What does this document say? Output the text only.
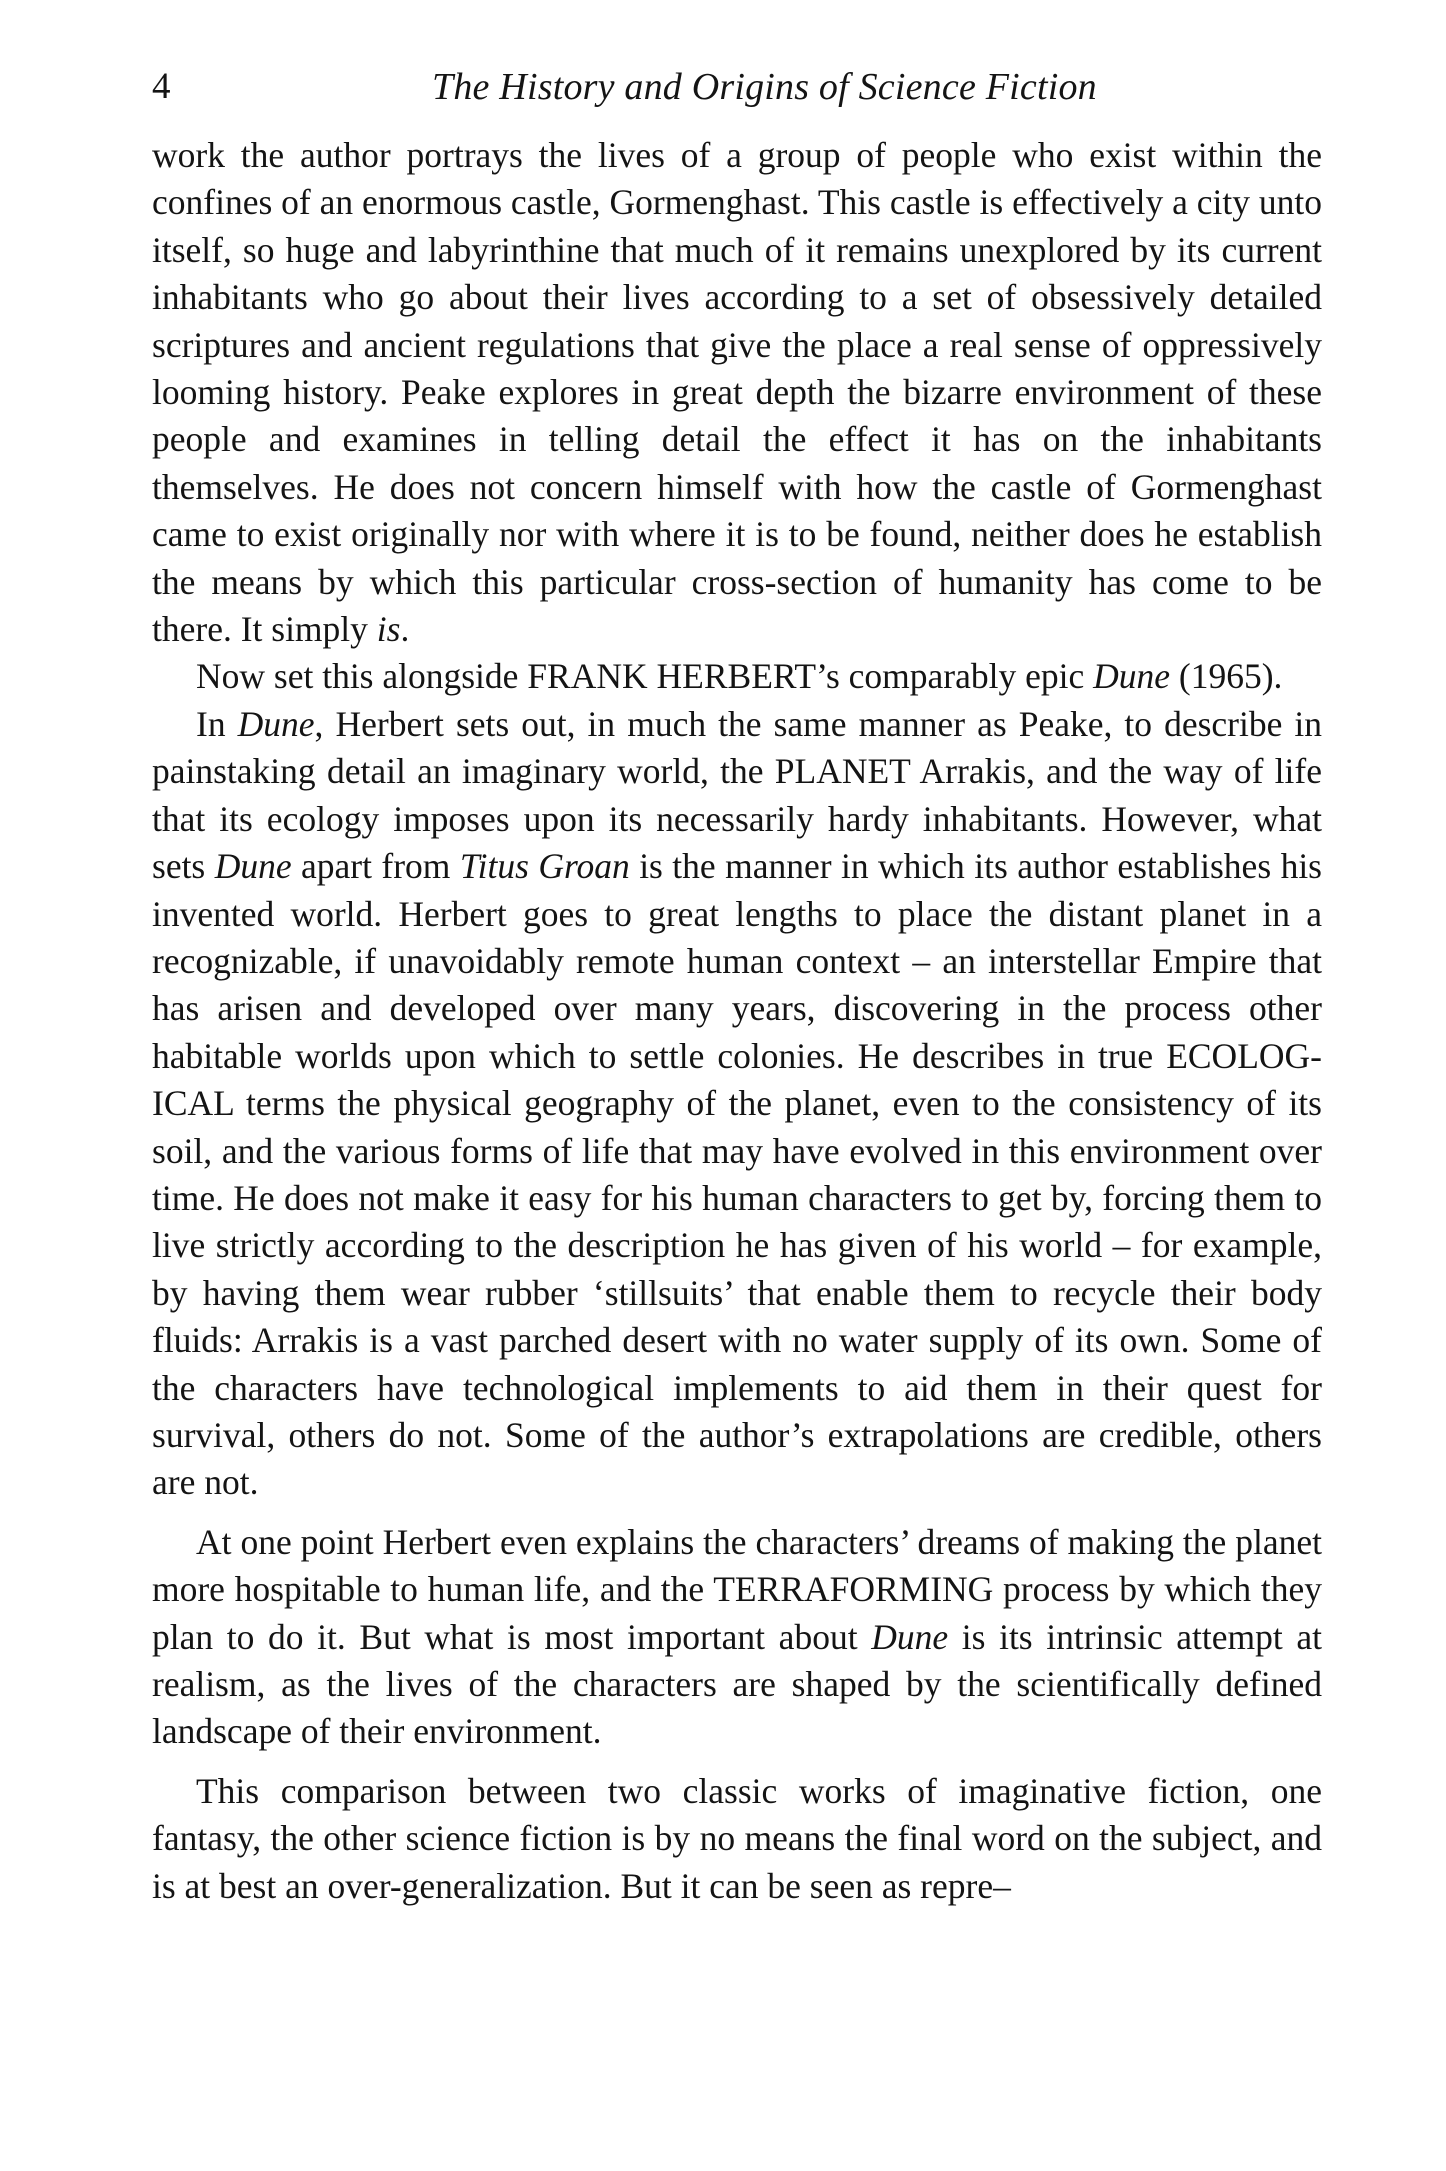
4	The History and Origins of Science Fiction

work the author portrays the lives of a group of people who exist within the confines of an enormous castle, Gormenghast. This castle is effectively a city unto itself, so huge and labyrinthine that much of it remains unexplored by its current inhabitants who go about their lives according to a set of obsessively detailed scriptures and ancient regulations that give the place a real sense of oppressively looming history. Peake explores in great depth the bizarre environment of these people and examines in telling detail the effect it has on the inhabitants themselves. He does not concern himself with how the castle of Gormenghast came to exist originally nor with where it is to be found, neither does he establish the means by which this particular cross-section of humanity has come to be there. It simply is.

Now set this alongside FRANK HERBERT’s comparably epic Dune (1965).

In Dune, Herbert sets out, in much the same manner as Peake, to describe in painstaking detail an imaginary world, the PLANET Arrakis, and the way of life that its ecology imposes upon its necessarily hardy inhabitants. However, what sets Dune apart from Titus Groan is the manner in which its author establishes his invented world. Herbert goes to great lengths to place the distant planet in a recognizable, if unavoidably remote human context – an interstellar Empire that has arisen and developed over many years, discovering in the process other habitable worlds upon which to settle colonies. He describes in true ECOLOGICAL terms the physical geography of the planet, even to the consistency of its soil, and the various forms of life that may have evolved in this environment over time. He does not make it easy for his human characters to get by, forcing them to live strictly according to the description he has given of his world – for example, by having them wear rubber ‘stillsuits’ that enable them to recycle their body fluids: Arrakis is a vast parched desert with no water supply of its own. Some of the characters have technological implements to aid them in their quest for survival, others do not. Some of the author’s extrapolations are credible, others are not.

At one point Herbert even explains the characters’ dreams of making the planet more hospitable to human life, and the TERRAFORMING process by which they plan to do it. But what is most important about Dune is its intrinsic attempt at realism, as the lives of the characters are shaped by the scientifically defined landscape of their environment.

This comparison between two classic works of imaginative fiction, one fantasy, the other science fiction is by no means the final word on the subject, and is at best an over-generalization. But it can be seen as repre–
